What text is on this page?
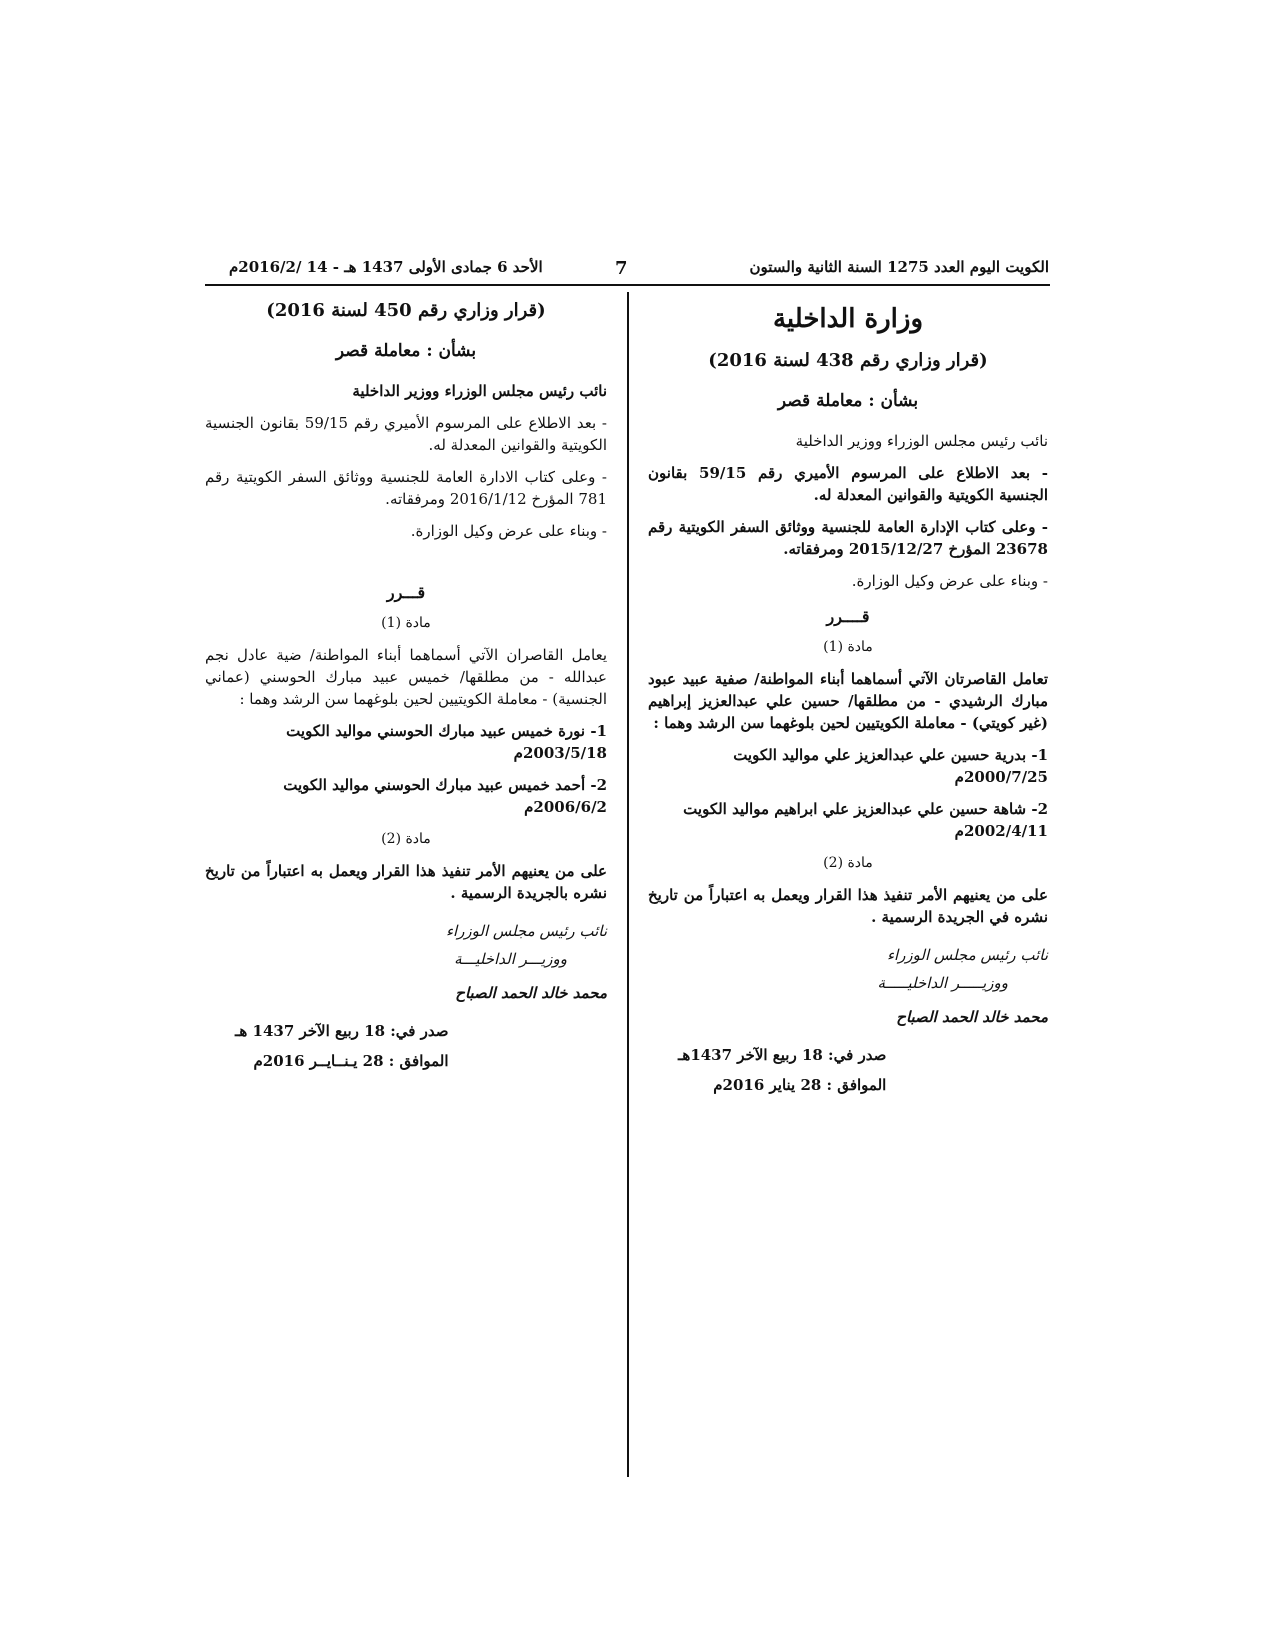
الكويت اليوم العدد 1275 السنة الثانية والستون
7
الأحد 6 جمادى الأولى 1437 هـ - 14 /2016/2م
وزارة الداخلية
(قرار وزاري رقم 438 لسنة 2016)
بشأن : معاملة قصر
نائب رئيس مجلس الوزراء ووزير الداخلية
- بعد الاطلاع على المرسوم الأميري رقم 59/15 بقانون الجنسية الكويتية والقوانين المعدلة له.
- وعلى كتاب الإدارة العامة للجنسية ووثائق السفر الكويتية رقم 23678 المؤرخ 2015/12/27 ومرفقاته.
- وبناء على عرض وكيل الوزارة.
قــــرر
مادة (1)
تعامل القاصرتان الآتي أسماهما أبناء المواطنة/ صفية عبيد عبود مبارك الرشيدي - من مطلقها/ حسين علي عبدالعزيز إبراهيم (غير كويتي) - معاملة الكويتيين لحين بلوغهما سن الرشد وهما :
1- بدرية حسين علي عبدالعزيز علي مواليد الكويت 2000/7/25م
2- شاهة حسين علي عبدالعزيز علي ابراهيم مواليد الكويت 2002/4/11م
مادة (2)
على من يعنيهم الأمر تنفيذ هذا القرار ويعمل به اعتباراً من تاريخ نشره في الجريدة الرسمية .
نائب رئيس مجلس الوزراء
ووزيـــــر الداخليـــــة
محمد خالد الحمد الصباح
صدر في: 18 ربيع الآخر 1437هـ
الموافق : 28 يناير 2016م
(قرار وزاري رقم 450 لسنة 2016)
بشأن : معاملة قصر
نائب رئيس مجلس الوزراء ووزير الداخلية
- بعد الاطلاع على المرسوم الأميري رقم 59/15 بقانون الجنسية الكويتية والقوانين المعدلة له.
- وعلى كتاب الادارة العامة للجنسية ووثائق السفر الكويتية رقم 781 المؤرخ 2016/1/12 ومرفقاته.
- وبناء على عرض وكيل الوزارة.
قـــرر
مادة (1)
يعامل القاصران الآتي أسماهما أبناء المواطنة/ ضية عادل نجم عبدالله - من مطلقها/ خميس عبيد مبارك الحوسني (عماني الجنسية) - معاملة الكويتيين لحين بلوغهما سن الرشد وهما :
1- نورة خميس عبيد مبارك الحوسني مواليد الكويت 2003/5/18م
2- أحمد خميس عبيد مبارك الحوسني مواليد الكويت 2006/6/2م
مادة (2)
على من يعنيهم الأمر تنفيذ هذا القرار ويعمل به اعتباراً من تاريخ نشره بالجريدة الرسمية .
نائب رئيس مجلس الوزراء
ووزيـــر الداخليـــة
محمد خالد الحمد الصباح
صدر في: 18 ربيع الآخر 1437 هـ
الموافق : 28 يـنــايــر 2016م
